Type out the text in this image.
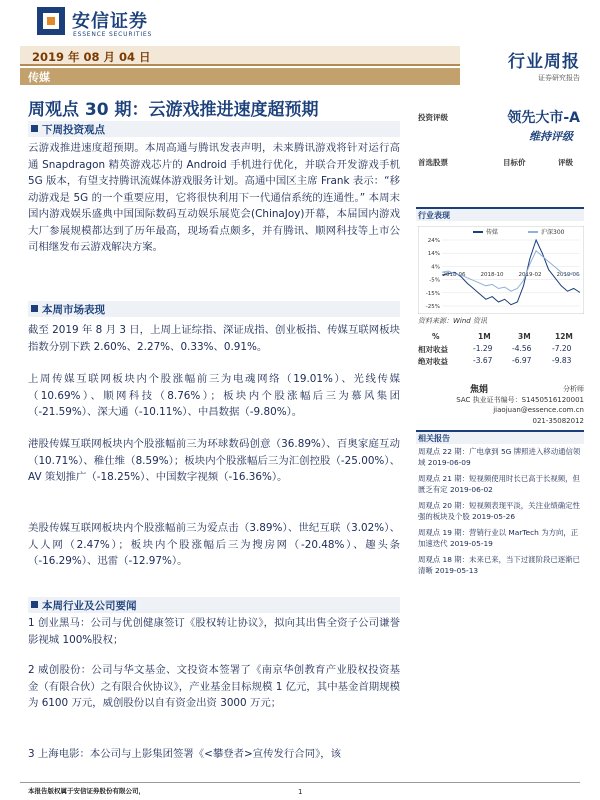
安信证券
ESSENCE SECURITIES
2019 年 08 月 04 日
传媒
行业周报
证券研究报告
周观点 30 期：云游戏推进速度超预期
下周投资观点
云游戏推进速度超预期。本周高通与腾讯发表声明，未来腾讯游戏将针对运行高通 Snapdragon 精英游戏芯片的 Android 手机进行优化，并联合开发游戏手机 5G 版本，有望支持腾讯流媒体游戏服务计划。高通中国区主席 Frank 表示：“移动游戏是 5G 的一个重要应用，它将很快利用下一代通信系统的连通性。” 本周末国内游戏娱乐盛典中国国际数码互动娱乐展览会(ChinaJoy)开幕，本届国内游戏大厂参展规模都达到了历年最高，现场看点颇多，并有腾讯、顺网科技等上市公司相继发布云游戏解决方案。
本周市场表现
截至 2019 年 8 月 3 日，上周上证综指、深证成指、创业板指、传媒互联网板块指数分别下跌 2.60%、2.27%、0.33%、0.91%。
上周传媒互联网板块内个股涨幅前三为电魂网络（19.01%）、光线传媒（10.69%）、顺网科技（8.76%）；板块内个股涨幅后三为慕风集团（-21.59%）、深大通（-10.11%）、中昌数据（-9.80%）。
港股传媒互联网板块内个股涨幅前三为环球数码创意（36.89%）、百奥家庭互动（10.71%）、稚仕维（8.59%）；板块内个股涨幅后三为汇创控股（-25.00%）、AV 策划推广（-18.25%）、中国数字视频（-16.36%）。
美股传媒互联网板块内个股涨幅前三为爱点击（3.89%）、世纪互联（3.02%）、人人网（2.47%）；板块内个股涨幅后三为搜房网（-20.48%）、趣头条（-16.29%）、迅雷（-12.97%）。
本周行业及公司要闻
1 创业黑马：公司与优创健康签订《股权转让协议》，拟向其出售全资子公司谦誉影视城 100%股权；
2 威创股份：公司与华文基金、文投资本签署了《南京华创教育产业股权投资基金（有限合伙）之有限合伙协议》，产业基金目标规模 1 亿元，其中基金首期规模为 6100 万元，威创股份以自有资金出资 3000 万元；
3 上海电影：本公司与上影集团签署《<攀登者>宣传发行合同》，该
投资评级	领先大市-A
维持评级
首选股票	目标价	评级
行业表现
24%
14%
4%
-5%
-15%
-25%
2018-06	2018-10	2019-02	2019-06
传媒	沪深300
资料来源：Wind 资讯
%	1M	3M	12M
相对收益	-1.29	-4.56	-7.20
绝对收益	-3.67	-6.97	-9.83
焦娟	分析师
SAC 执业证书编号：S1450516120001
jiaojuan@essence.com.cn
021-35082012
相关报告
周观点 22 期：广电拿到 5G 牌照进入移动通信领域 2019-06-09
周观点 21 期：短视频使用时长已高于长视频，但匮乏有定 2019-06-02
周观点 20 期：短视频表现平淡，关注业绩确定性强的板块及个股 2019-05-26
周观点 19 期：营销行业以 MarTech 为方向，正加速迭代 2019-05-19
周观点 18 期：未来已来，当下过渡阶段已逐渐已清晰 2019-05-13
本报告版权属于安信证券股份有限公司，	1
